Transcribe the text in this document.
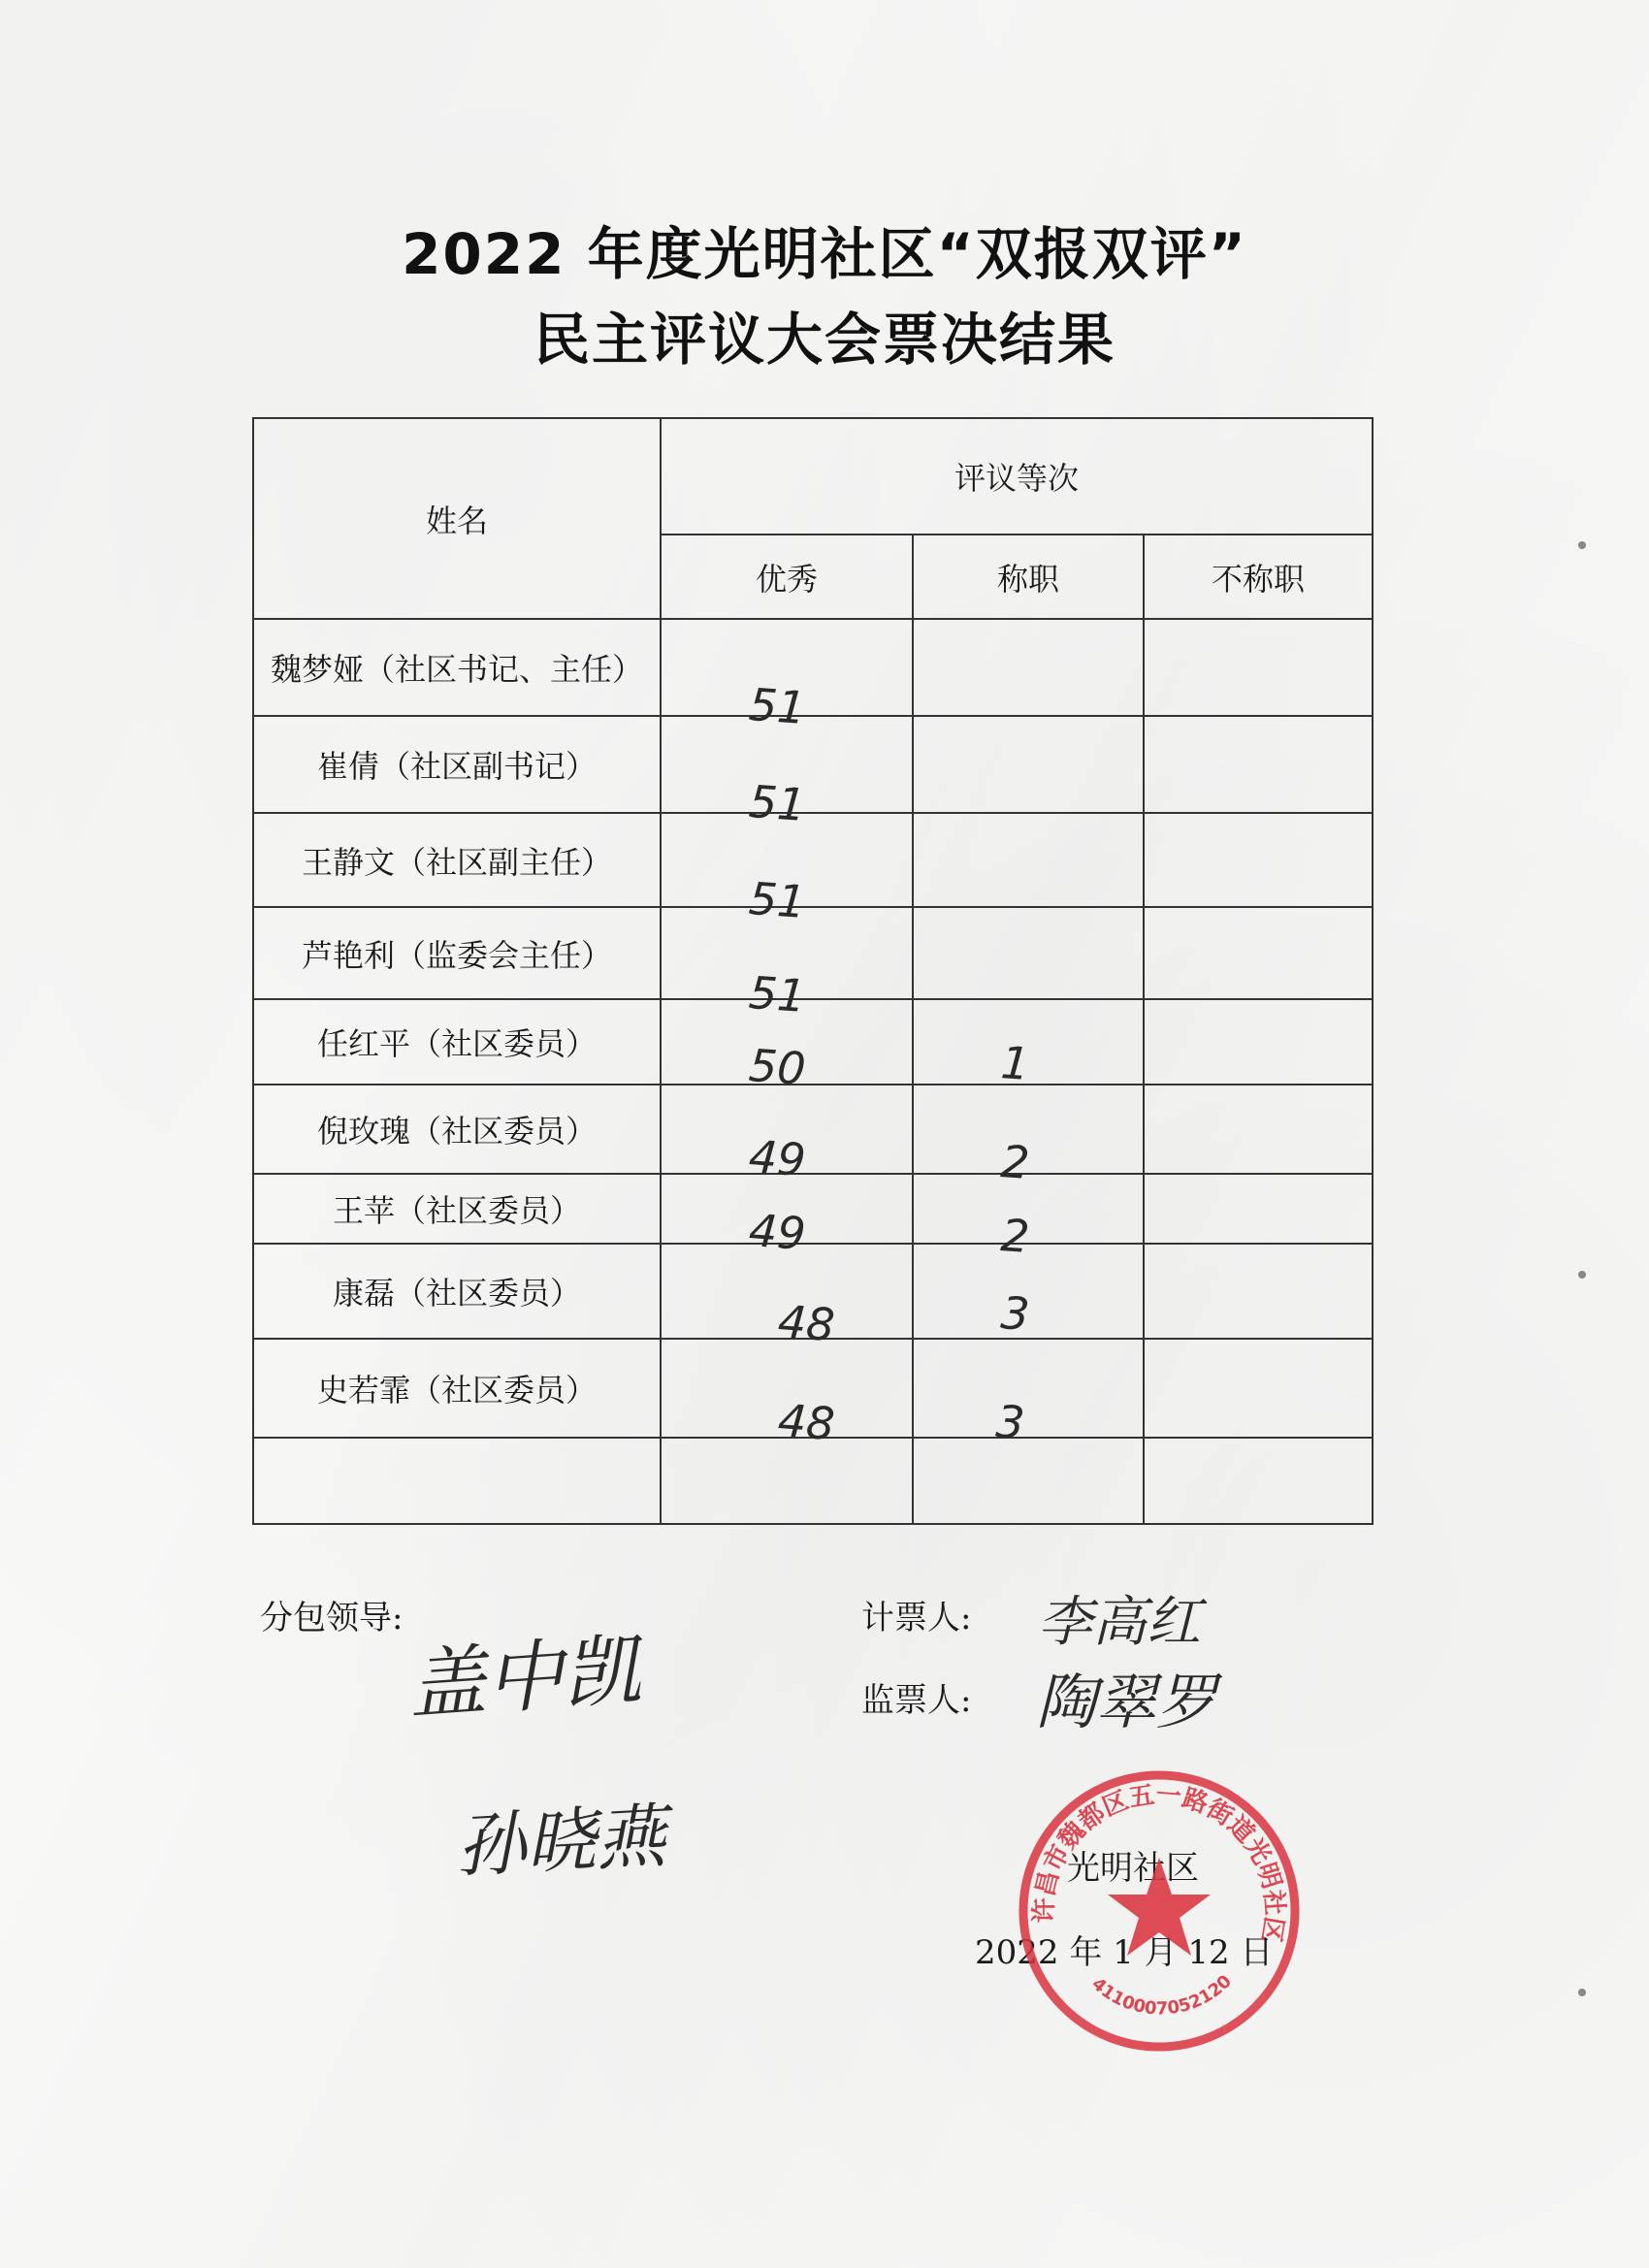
2022 年度光明社区“双报双评”
民主评议大会票决结果
姓名	评议等次		
	优秀	称职	不称职
魏梦娅（社区书记、主任）	51		

崔倩（社区副书记）	51		

王静文（社区副主任）	51		

芦艳利（监委会主任）	51		

任红平（社区委员）	50	1	

倪玫瑰（社区委员）	49	2	

王苹（社区委员）	49	2	

康磊（社区委员）	48	3	

史若霏（社区委员）	48	3	

分包领导:	计票人:
监票人:
盖中凯
孙晓燕
李高红
陶翠罗
光明社区
2022 年 1 月 12 日
许昌市魏都区五一路街道光明社区
4110007052120
